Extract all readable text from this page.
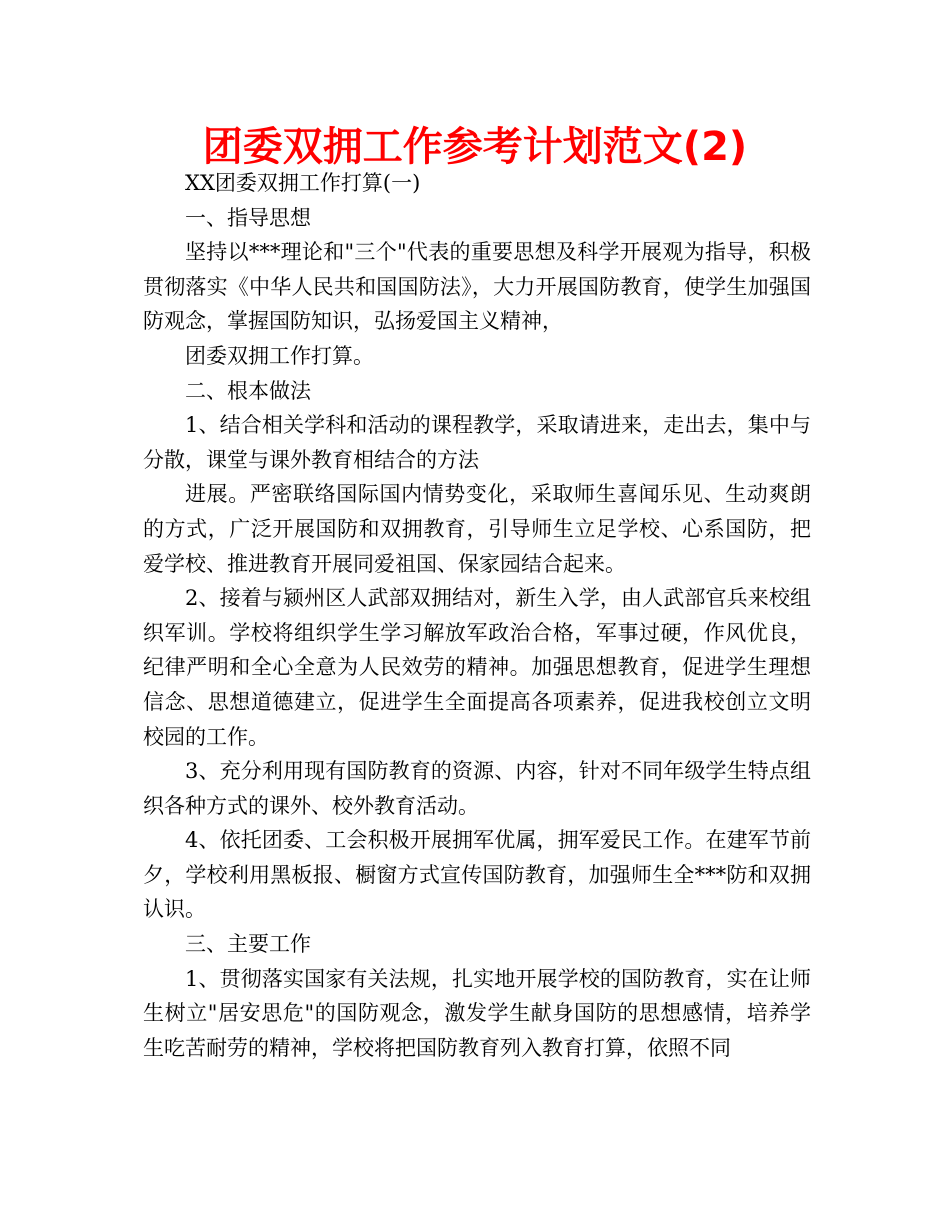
团委双拥工作参考计划范文(2)

XX团委双拥工作打算(一)

一、指导思想

坚持以***理论和"三个"代表的重要思想及科学开展观为指导，积极贯彻落实《中华人民共和国国防法》，大力开展国防教育，使学生加强国防观念，掌握国防知识，弘扬爱国主义精神，

团委双拥工作打算。

二、根本做法

1、结合相关学科和活动的课程教学，采取请进来，走出去，集中与分散，课堂与课外教育相结合的方法

进展。严密联络国际国内情势变化，采取师生喜闻乐见、生动爽朗的方式，广泛开展国防和双拥教育，引导师生立足学校、心系国防，把爱学校、推进教育开展同爱祖国、保家园结合起来。

2、接着与颍州区人武部双拥结对，新生入学，由人武部官兵来校组织军训。学校将组织学生学习解放军政治合格，军事过硬，作风优良，纪律严明和全心全意为人民效劳的精神。加强思想教育，促进学生理想信念、思想道德建立，促进学生全面提高各项素养，促进我校创立文明校园的工作。

3、充分利用现有国防教育的资源、内容，针对不同年级学生特点组织各种方式的课外、校外教育活动。

4、依托团委、工会积极开展拥军优属，拥军爱民工作。在建军节前夕，学校利用黑板报、橱窗方式宣传国防教育，加强师生全***防和双拥认识。

三、主要工作

1、贯彻落实国家有关法规，扎实地开展学校的国防教育，实在让师生树立"居安思危"的国防观念，激发学生献身国防的思想感情，培养学生吃苦耐劳的精神，学校将把国防教育列入教育打算，依照不同
